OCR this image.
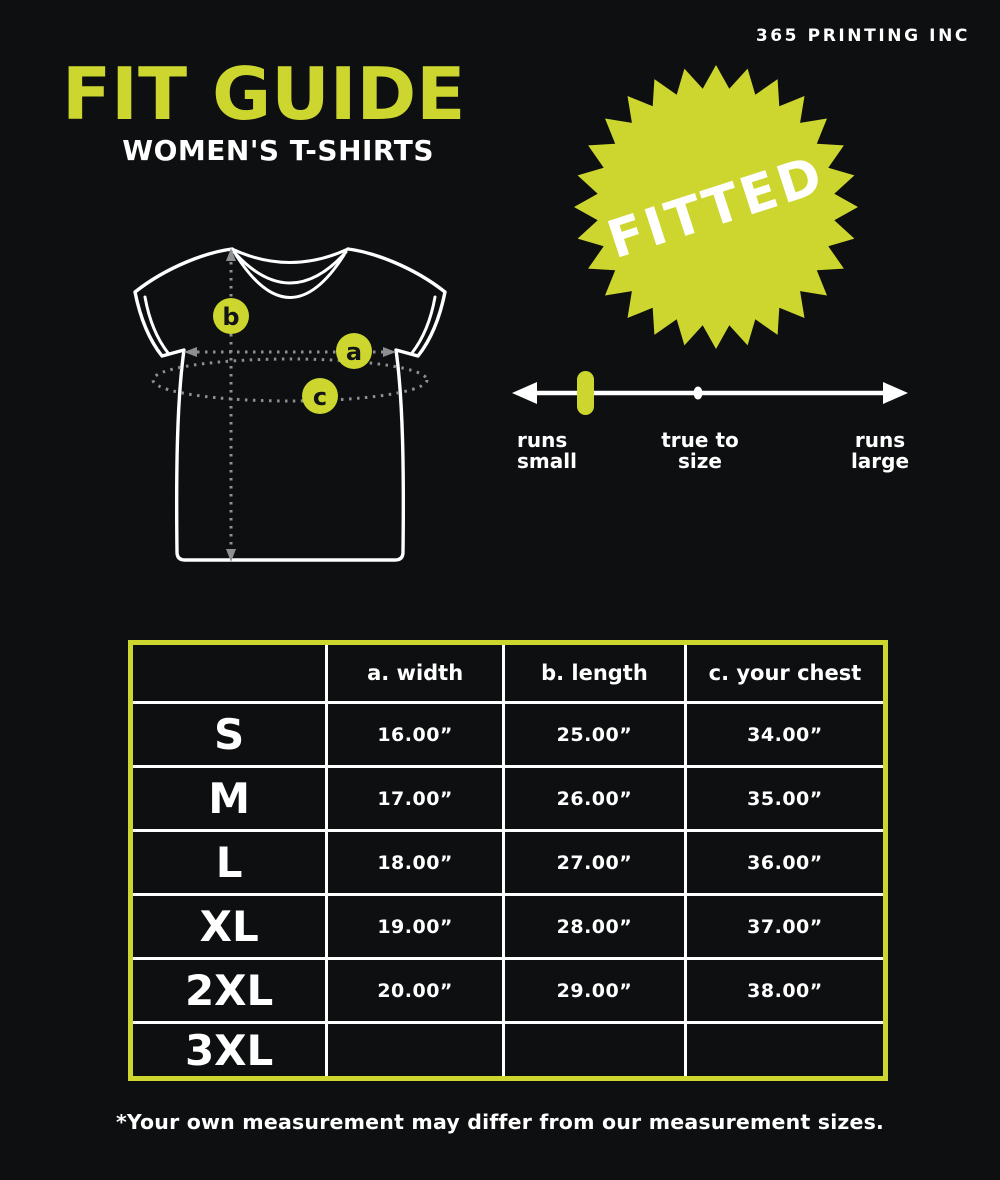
365 PRINTING INC
FIT GUIDE
WOMEN'S T-SHIRTS
b
a
c
FITTED
runs
small
true to
size
runs
large
	a. width	b. length	c. your chest
S	16.00”	25.00”	34.00”
M	17.00”	26.00”	35.00”
L	18.00”	27.00”	36.00”
XL	19.00”	28.00”	37.00”
2XL	20.00”	29.00”	38.00”
3XL			
*Your own measurement may differ from our measurement sizes.
